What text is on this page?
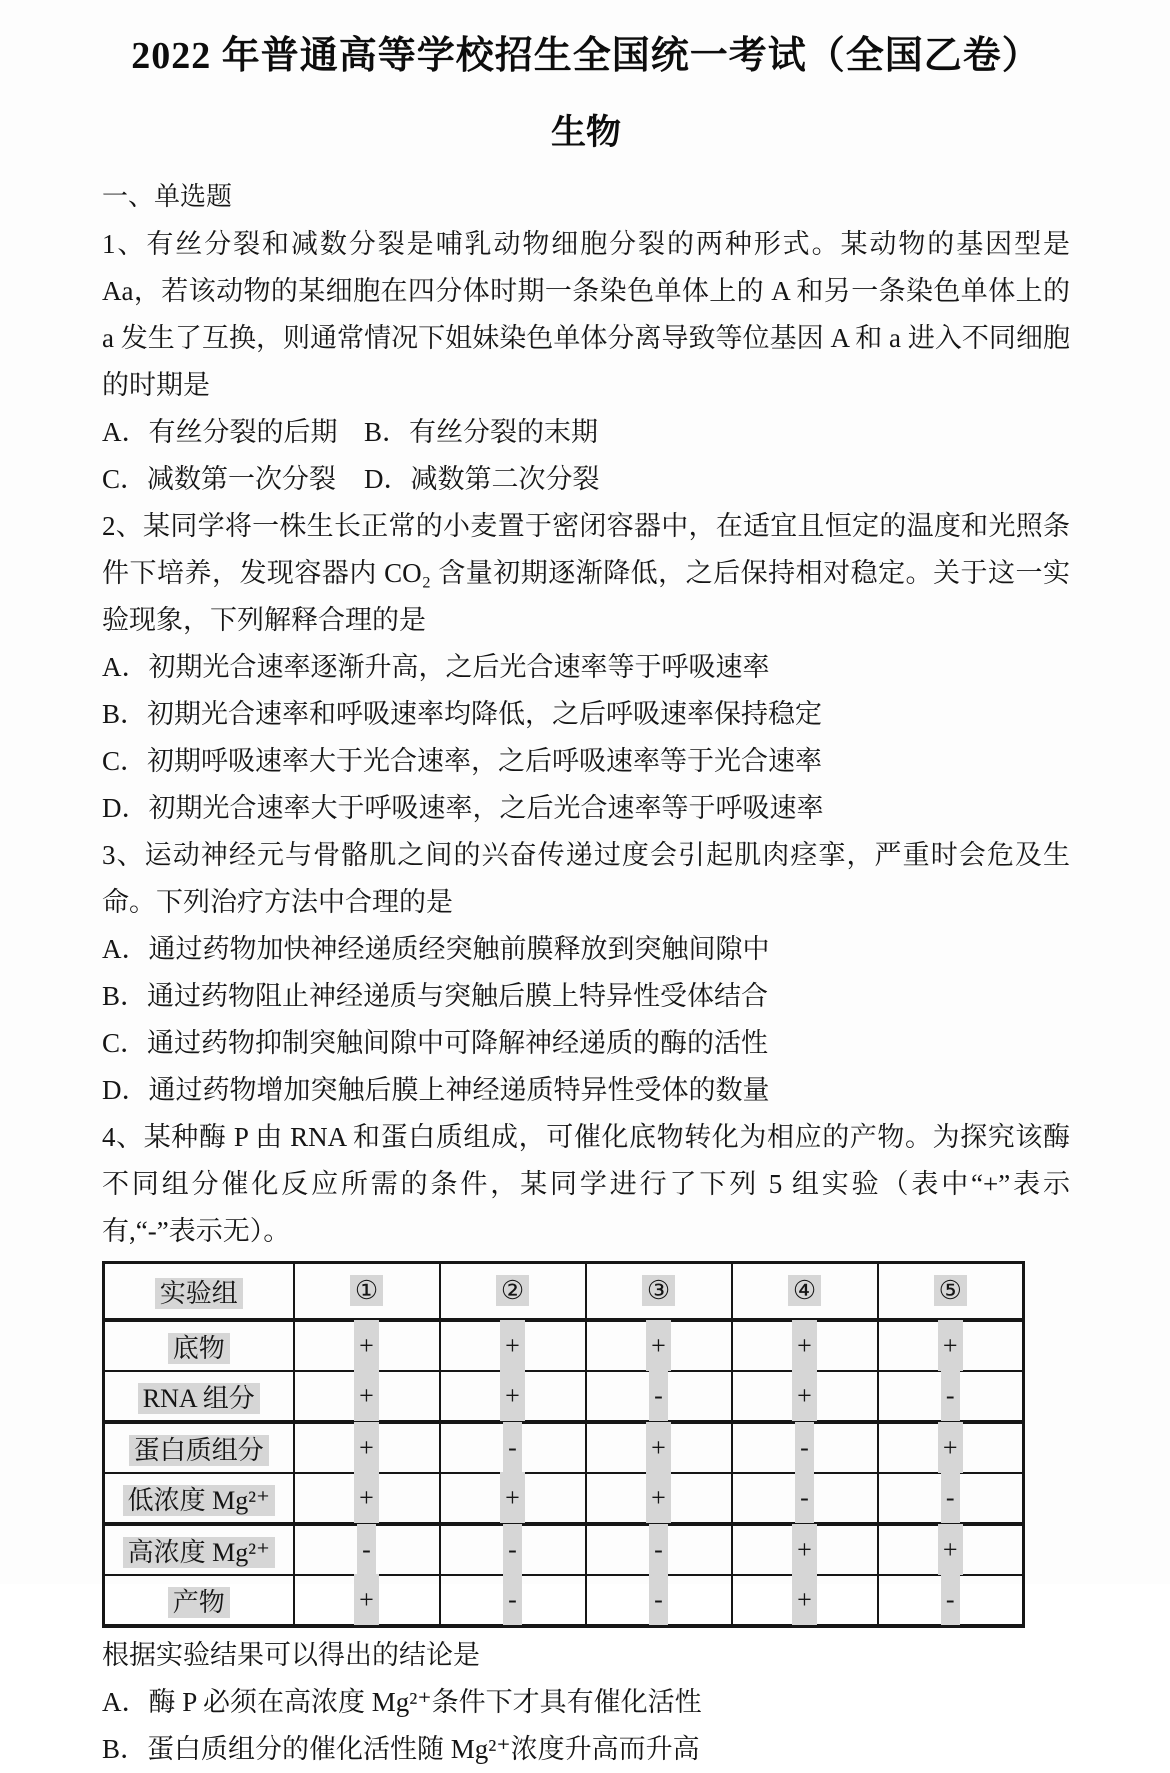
2022 年普通高等学校招生全国统一考试（全国乙卷）
生物

一、单选题

1、有丝分裂和减数分裂是哺乳动物细胞分裂的两种形式。某动物的基因型是 Aa，若该动物的某细胞在四分体时期一条染色单体上的 A 和另一条染色单体上的 a 发生了互换，则通常情况下姐妹染色单体分离导致等位基因 A 和 a 进入不同细胞的时期是

A．有丝分裂的后期 B．有丝分裂的末期

C．减数第一次分裂 D．减数第二次分裂

2、某同学将一株生长正常的小麦置于密闭容器中，在适宜且恒定的温度和光照条件下培养，发现容器内 CO₂ 含量初期逐渐降低，之后保持相对稳定。关于这一实验现象，下列解释合理的是

A．初期光合速率逐渐升高，之后光合速率等于呼吸速率

B．初期光合速率和呼吸速率均降低，之后呼吸速率保持稳定

C．初期呼吸速率大于光合速率，之后呼吸速率等于光合速率

D．初期光合速率大于呼吸速率，之后光合速率等于呼吸速率

3、运动神经元与骨骼肌之间的兴奋传递过度会引起肌肉痉挛，严重时会危及生命。下列治疗方法中合理的是

A．通过药物加快神经递质经突触前膜释放到突触间隙中

B．通过药物阻止神经递质与突触后膜上特异性受体结合

C．通过药物抑制突触间隙中可降解神经递质的酶的活性

D．通过药物增加突触后膜上神经递质特异性受体的数量

4、某种酶 P 由 RNA 和蛋白质组成，可催化底物转化为相应的产物。为探究该酶不同组分催化反应所需的条件，某同学进行了下列 5 组实验（表中“+”表示有,“-”表示无）。

实验组	①	②	③	④	⑤
底物	+	+	+	+	+
RNA 组分	+	+	-	+	-
蛋白质组分	+	-	+	-	+
低浓度 Mg²⁺	+	+	+	-	-
高浓度 Mg²⁺	-	-	-	+	+
产物	+	-	-	+	-

根据实验结果可以得出的结论是

A．酶 P 必须在高浓度 Mg²⁺条件下才具有催化活性

B．蛋白质组分的催化活性随 Mg²⁺浓度升高而升高
